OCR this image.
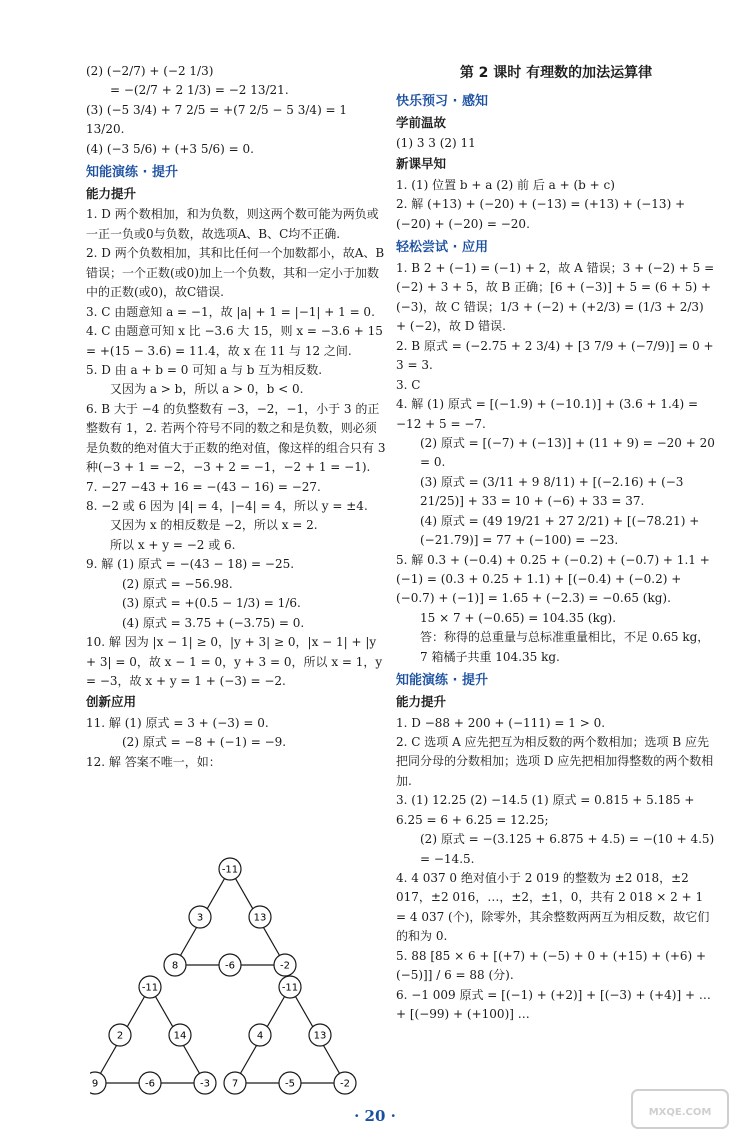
(2) (−2/7) + (−2 1/3)
= −(2/7 + 2 1/3) = −2 13/21.
(3) (−5 3/4) + 7 2/5 = +(7 2/5 − 5 3/4) = 1 13/20.
(4) (−3 5/6) + (+3 5/6) = 0.
知能演练 · 提升
能力提升
1. D 两个数相加，和为负数，则这两个数可能为两负或一正一负或0与负数，故选项A、B、C均不正确.
2. D 两个负数相加，其和比任何一个加数都小，故A、B错误；一个正数(或0)加上一个负数，其和一定小于加数中的正数(或0)，故C错误.
3. C 由题意知 a = −1，故 |a| + 1 = |−1| + 1 = 0.
4. C 由题意可知 x 比 −3.6 大 15，则 x = −3.6 + 15 = +(15 − 3.6) = 11.4，故 x 在 11 与 12 之间.
5. D 由 a + b = 0 可知 a 与 b 互为相反数.
又因为 a > b，所以 a > 0，b < 0.
6. B 大于 −4 的负整数有 −3，−2，−1，小于 3 的正整数有 1，2. 若两个符号不同的数之和是负数，则必须是负数的绝对值大于正数的绝对值，像这样的组合只有 3 种(−3 + 1 = −2，−3 + 2 = −1，−2 + 1 = −1).
7. −27 −43 + 16 = −(43 − 16) = −27.
8. −2 或 6 因为 |4| = 4，|−4| = 4，所以 y = ±4.
又因为 x 的相反数是 −2，所以 x = 2.
所以 x + y = −2 或 6.
9. 解 (1) 原式 = −(43 − 18) = −25.
(2) 原式 = −56.98.
(3) 原式 = +(0.5 − 1/3) = 1/6.
(4) 原式 = 3.75 + (−3.75) = 0.
10. 解 因为 |x − 1| ≥ 0，|y + 3| ≥ 0，|x − 1| + |y + 3| = 0，故 x − 1 = 0，y + 3 = 0，所以 x = 1，y = −3，故 x + y = 1 + (−3) = −2.
创新应用
11. 解 (1) 原式 = 3 + (−3) = 0.
(2) 原式 = −8 + (−1) = −9.
12. 解 答案不唯一，如：
-11
3	13
8	-6	-2
-11
2	14
9	-6	-3
-11
4	13
7	-5	-2
第 2 课时 有理数的加法运算律
快乐预习 · 感知
学前温故
(1) 3 3 (2) 11
新课早知
1. (1) 位置 b + a (2) 前 后 a + (b + c)
2. 解 (+13) + (−20) + (−13) = (+13) + (−13) + (−20) + (−20) = −20.
轻松尝试 · 应用
1. B 2 + (−1) = (−1) + 2，故 A 错误；3 + (−2) + 5 = (−2) + 3 + 5，故 B 正确；[6 + (−3)] + 5 = (6 + 5) + (−3)，故 C 错误；1/3 + (−2) + (+2/3) = (1/3 + 2/3) + (−2)，故 D 错误.
2. B 原式 = (−2.75 + 2 3/4) + [3 7/9 + (−7/9)] = 0 + 3 = 3.
3. C
4. 解 (1) 原式 = [(−1.9) + (−10.1)] + (3.6 + 1.4) = −12 + 5 = −7.
(2) 原式 = [(−7) + (−13)] + (11 + 9) = −20 + 20 = 0.
(3) 原式 = (3/11 + 9 8/11) + [(−2.16) + (−3 21/25)] + 33 = 10 + (−6) + 33 = 37.
(4) 原式 = (49 19/21 + 27 2/21) + [(−78.21) + (−21.79)] = 77 + (−100) = −23.
5. 解 0.3 + (−0.4) + 0.25 + (−0.2) + (−0.7) + 1.1 + (−1) = (0.3 + 0.25 + 1.1) + [(−0.4) + (−0.2) + (−0.7) + (−1)] = 1.65 + (−2.3) = −0.65 (kg).
15 × 7 + (−0.65) = 104.35 (kg).
答：称得的总重量与总标准重量相比，不足 0.65 kg，7 箱橘子共重 104.35 kg.
知能演练 · 提升
能力提升
1. D −88 + 200 + (−111) = 1 > 0.
2. C 选项 A 应先把互为相反数的两个数相加；选项 B 应先把同分母的分数相加；选项 D 应先把相加得整数的两个数相加.
3. (1) 12.25 (2) −14.5 (1) 原式 = 0.815 + 5.185 + 6.25 = 6 + 6.25 = 12.25;
(2) 原式 = −(3.125 + 6.875 + 4.5) = −(10 + 4.5) = −14.5.
4. 4 037 0 绝对值小于 2 019 的整数为 ±2 018，±2 017，±2 016，…，±2，±1，0，共有 2 018 × 2 + 1 = 4 037 (个)，除零外，其余整数两两互为相反数，故它们的和为 0.
5. 88 [85 × 6 + [(+7) + (−5) + 0 + (+15) + (+6) + (−5)]] / 6 = 88 (分).
6. −1 009 原式 = [(−1) + (+2)] + [(−3) + (+4)] + … + [(−99) + (+100)] …
· 20 ·	MXQE.COM
